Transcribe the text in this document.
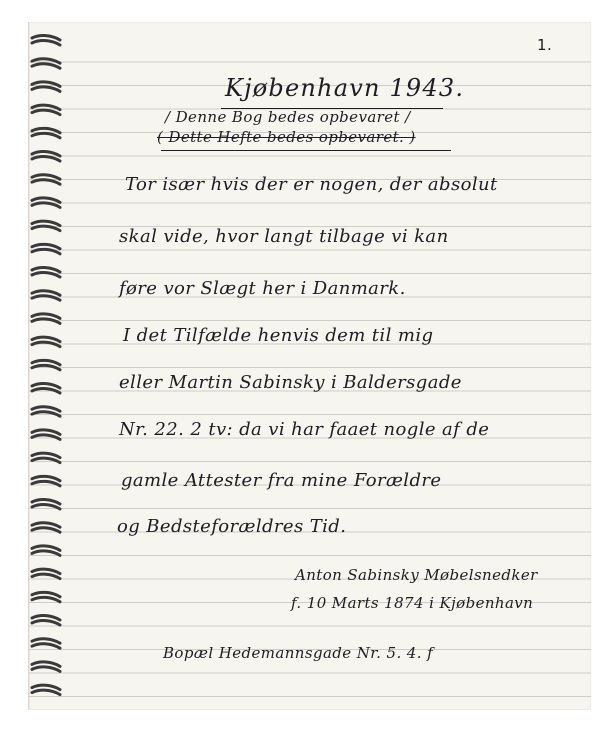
1.
Kjøbenhavn 1943.
/ Denne Bog bedes opbevaret /
( Dette Hefte bedes opbevaret. )
Tor især hvis der er nogen, der absolut
skal vide, hvor langt tilbage vi kan
føre vor Slægt her i Danmark.
I det Tilfælde henvis dem til mig
eller Martin Sabinsky i Baldersgade
Nr. 22. 2 tv: da vi har faaet nogle af de
gamle Attester fra mine Forældre
og Bedsteforældres Tid.
Anton Sabinsky Møbelsnedker
f. 10 Marts 1874 i Kjøbenhavn
Bopæl Hedemannsgade Nr. 5. 4. f
